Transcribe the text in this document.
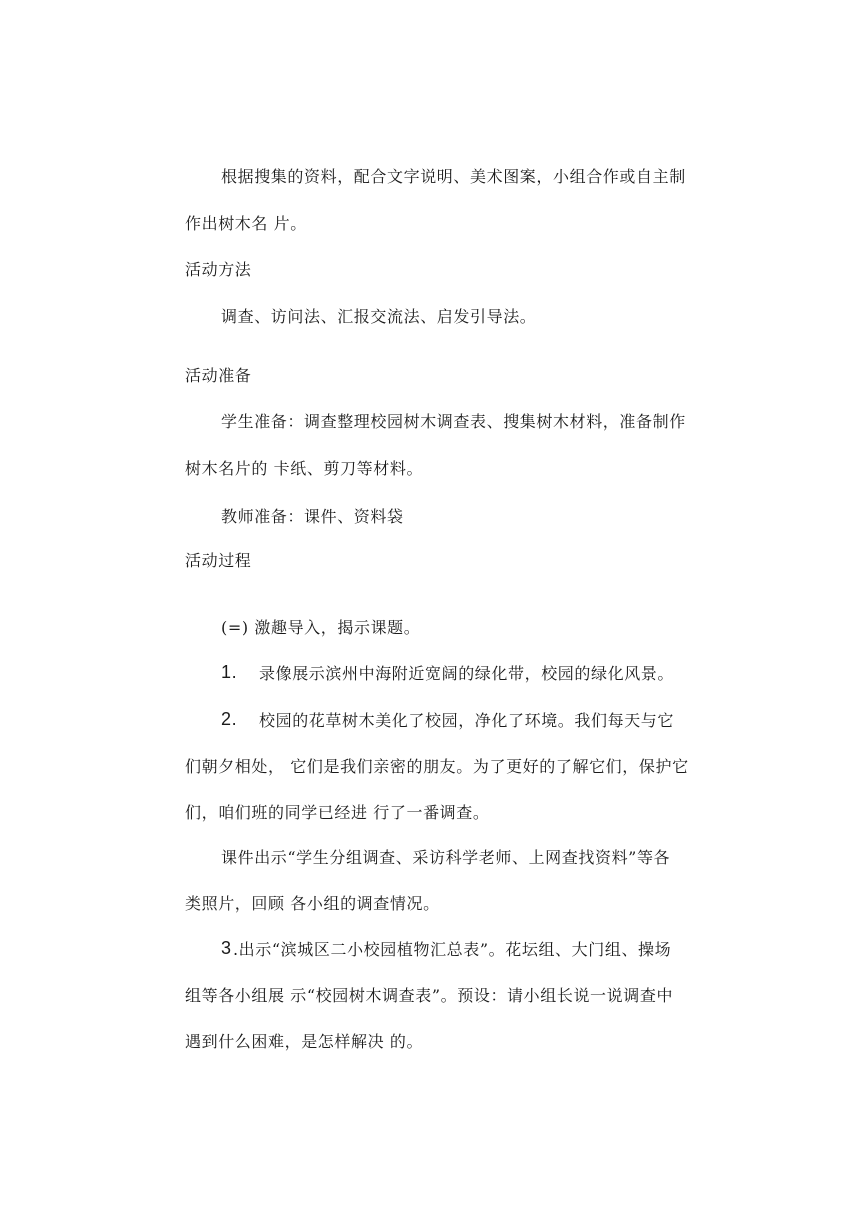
根据搜集的资料，配合文字说明、美术图案，小组合作或自主制
作出树木名 片。
活动方法
调查、访问法、汇报交流法、启发引导法。
活动准备
学生准备：调查整理校园树木调查表、搜集树木材料，准备制作
树木名片的 卡纸、剪刀等材料。
教师准备：课件、资料袋
活动过程
(=) 激趣导入，揭示课题。
1. 录像展示滨州中海附近宽阔的绿化带，校园的绿化风景。
2. 校园的花草树木美化了校园，净化了环境。我们每天与它
们朝夕相处， 它们是我们亲密的朋友。为了更好的了解它们，保护它
们，咱们班的同学已经进 行了一番调查。
课件出示“学生分组调查、采访科学老师、上网查找资料”等各
类照片，回顾 各小组的调查情况。
3 .出示“滨城区二小校园植物汇总表”。花坛组、大门组、操场
组等各小组展 示“校园树木调查表”。预设：请小组长说一说调查中
遇到什么困难，是怎样解决 的。
